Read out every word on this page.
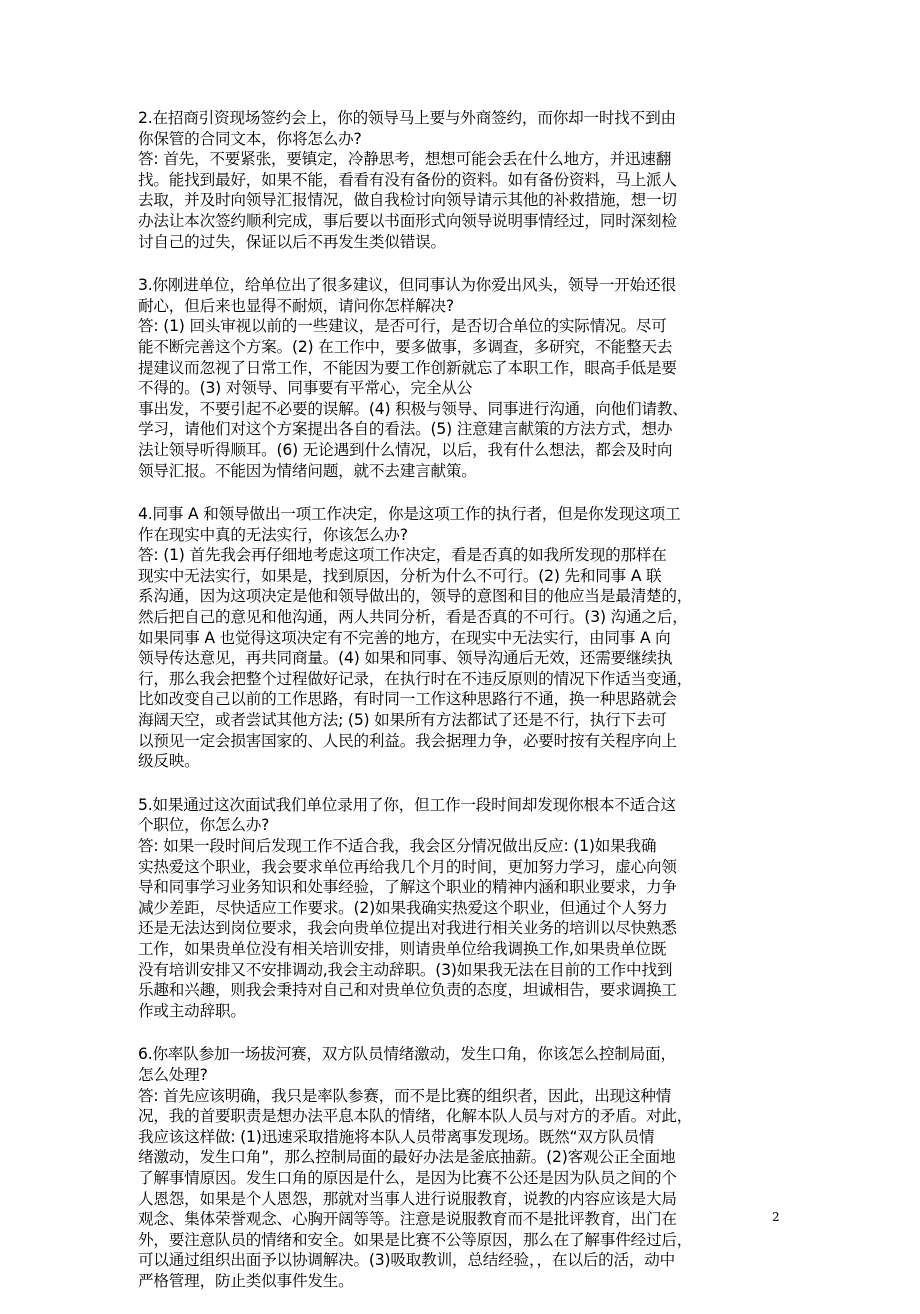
2.在招商引资现场签约会上，你的领导马上要与外商签约，而你却一时找不到由
你保管的合同文本，你将怎么办?

答: 首先，不要紧张，要镇定，冷静思考，想想可能会丢在什么地方，并迅速翻
找。能找到最好，如果不能，看看有没有备份的资料。如有备份资料，马上派人
去取，并及时向领导汇报情况，做自我检讨向领导请示其他的补救措施，想一切
办法让本次签约顺利完成，事后要以书面形式向领导说明事情经过，同时深刻检
讨自己的过失，保证以后不再发生类似错误。

3.你刚进单位，给单位出了很多建议，但同事认为你爱出风头，领导一开始还很
耐心，但后来也显得不耐烦，请问你怎样解决?

答: (1) 回头审视以前的一些建议，是否可行，是否切合单位的实际情况。尽可
能不断完善这个方案。(2) 在工作中，要多做事，多调查，多研究，不能整天去
提建议而忽视了日常工作，不能因为要工作创新就忘了本职工作，眼高手低是要
不得的。(3) 对领导、同事要有平常心，完全从公
事出发，不要引起不必要的误解。(4) 积极与领导、同事进行沟通，向他们请教、
学习，请他们对这个方案提出各自的看法。(5) 注意建言献策的方法方式，想办
法让领导听得顺耳。(6) 无论遇到什么情况，以后，我有什么想法，都会及时向
领导汇报。不能因为情绪问题，就不去建言献策。

4.同事 A 和领导做出一项工作决定，你是这项工作的执行者，但是你发现这项工
作在现实中真的无法实行，你该怎么办?

答: (1) 首先我会再仔细地考虑这项工作决定，看是否真的如我所发现的那样在
现实中无法实行，如果是，找到原因，分析为什么不可行。(2) 先和同事 A 联
系沟通，因为这项决定是他和领导做出的，领导的意图和目的他应当是最清楚的，
然后把自己的意见和他沟通，两人共同分析，看是否真的不可行。(3) 沟通之后，
如果同事 A 也觉得这项决定有不完善的地方，在现实中无法实行，由同事 A 向
领导传达意见，再共同商量。(4) 如果和同事、领导沟通后无效，还需要继续执
行，那么我会把整个过程做好记录，在执行时在不违反原则的情况下作适当变通，
比如改变自己以前的工作思路，有时同一工作这种思路行不通，换一种思路就会
海阔天空，或者尝试其他方法; (5) 如果所有方法都试了还是不行，执行下去可
以预见一定会损害国家的、人民的利益。我会据理力争，必要时按有关程序向上
级反映。

5.如果通过这次面试我们单位录用了你，但工作一段时间却发现你根本不适合这
个职位，你怎么办?

答: 如果一段时间后发现工作不适合我，我会区分情况做出反应: (1)如果我确
实热爱这个职业，我会要求单位再给我几个月的时间，更加努力学习，虚心向领
导和同事学习业务知识和处事经验，了解这个职业的精神内涵和职业要求，力争
减少差距，尽快适应工作要求。(2)如果我确实热爱这个职业，但通过个人努力
还是无法达到岗位要求，我会向贵单位提出对我进行相关业务的培训以尽快熟悉
工作，如果贵单位没有相关培训安排，则请贵单位给我调换工作,如果贵单位既
没有培训安排又不安排调动,我会主动辞职。(3)如果我无法在目前的工作中找到
乐趣和兴趣，则我会秉持对自己和对贵单位负责的态度，坦诚相告，要求调换工
作或主动辞职。

6.你率队参加一场拔河赛，双方队员情绪激动，发生口角，你该怎么控制局面，
怎么处理?

答: 首先应该明确，我只是率队参赛，而不是比赛的组织者，因此，出现这种情
况，我的首要职责是想办法平息本队的情绪，化解本队人员与对方的矛盾。对此，
我应该这样做: (1)迅速采取措施将本队人员带离事发现场。既然“双方队员情
绪激动，发生口角”，那么控制局面的最好办法是釜底抽薪。(2)客观公正全面地
了解事情原因。发生口角的原因是什么，是因为比赛不公还是因为队员之间的个
人恩怨，如果是个人恩怨，那就对当事人进行说服教育，说教的内容应该是大局
观念、集体荣誉观念、心胸开阔等等。注意是说服教育而不是批评教育，出门在
外，要注意队员的情绪和安全。如果是比赛不公等原因，那么在了解事件经过后，
可以通过组织出面予以协调解决。(3)吸取教训，总结经验，，在以后的活，动中
严格管理，防止类似事件发生。

2
